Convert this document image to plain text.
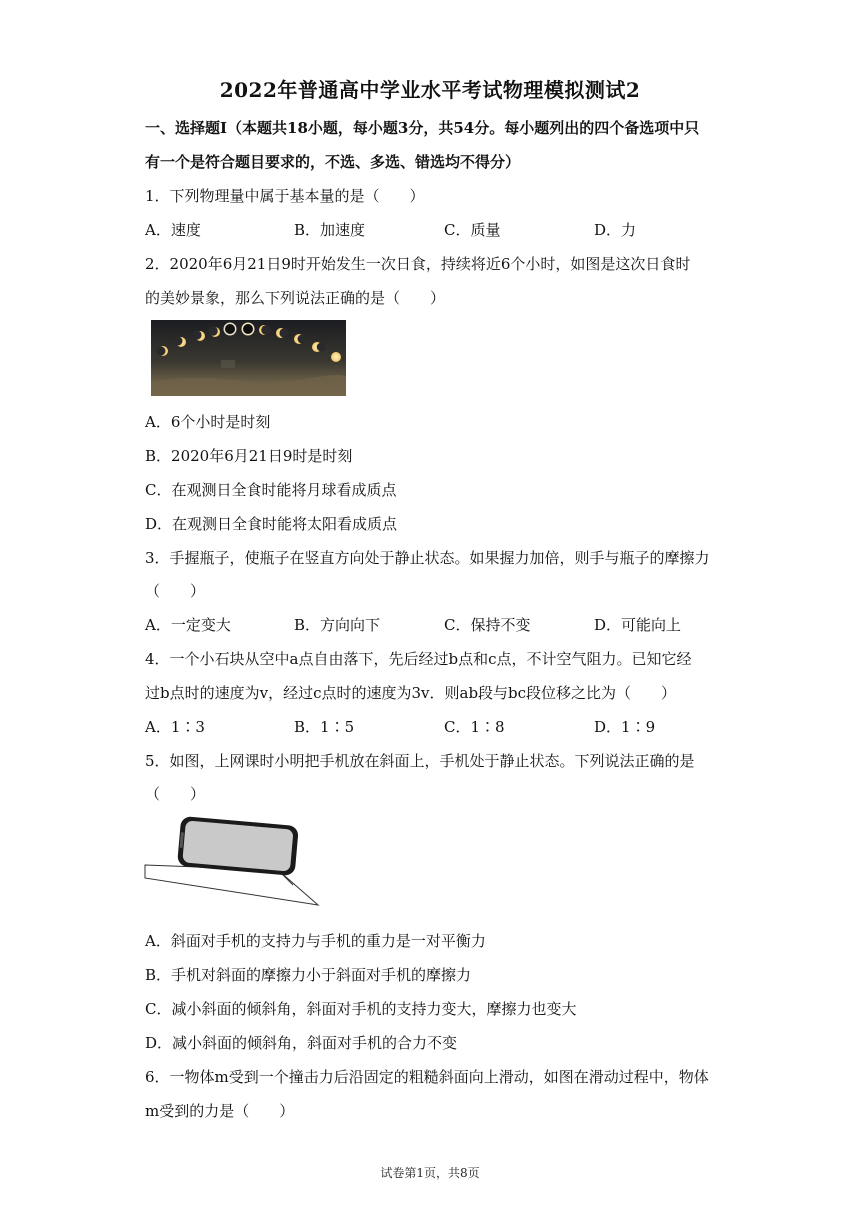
2022年普通高中学业水平考试物理模拟测试2
一、选择题Ⅰ（本题共18小题，每小题3分，共54分。每小题列出的四个备选项中只
有一个是符合题目要求的，不选、多选、错选均不得分）
1．下列物理量中属于基本量的是（　　）
A．速度	B．加速度	C．质量	D．力
2．2020年6月21日9时开始发生一次日食，持续将近6个小时，如图是这次日食时
的美妙景象，那么下列说法正确的是（　　）
A．6个小时是时刻
B．2020年6月21日9时是时刻
C．在观测日全食时能将月球看成质点
D．在观测日全食时能将太阳看成质点
3．手握瓶子，使瓶子在竖直方向处于静止状态。如果握力加倍，则手与瓶子的摩擦力
（　　）
A．一定变大	B．方向向下	C．保持不变	D．可能向上
4．一个小石块从空中a点自由落下，先后经过b点和c点，不计空气阻力。已知它经
过b点时的速度为v，经过c点时的速度为3v．则ab段与bc段位移之比为（　　）
A．1∶3	B．1∶5	C．1∶8	D．1∶9
5．如图，上网课时小明把手机放在斜面上，手机处于静止状态。下列说法正确的是
（　　）
A．斜面对手机的支持力与手机的重力是一对平衡力
B．手机对斜面的摩擦力小于斜面对手机的摩擦力
C．减小斜面的倾斜角，斜面对手机的支持力变大，摩擦力也变大
D．减小斜面的倾斜角，斜面对手机的合力不变
6．一物体m受到一个撞击力后沿固定的粗糙斜面向上滑动，如图在滑动过程中，物体
m受到的力是（　　）
试卷第1页，共8页
